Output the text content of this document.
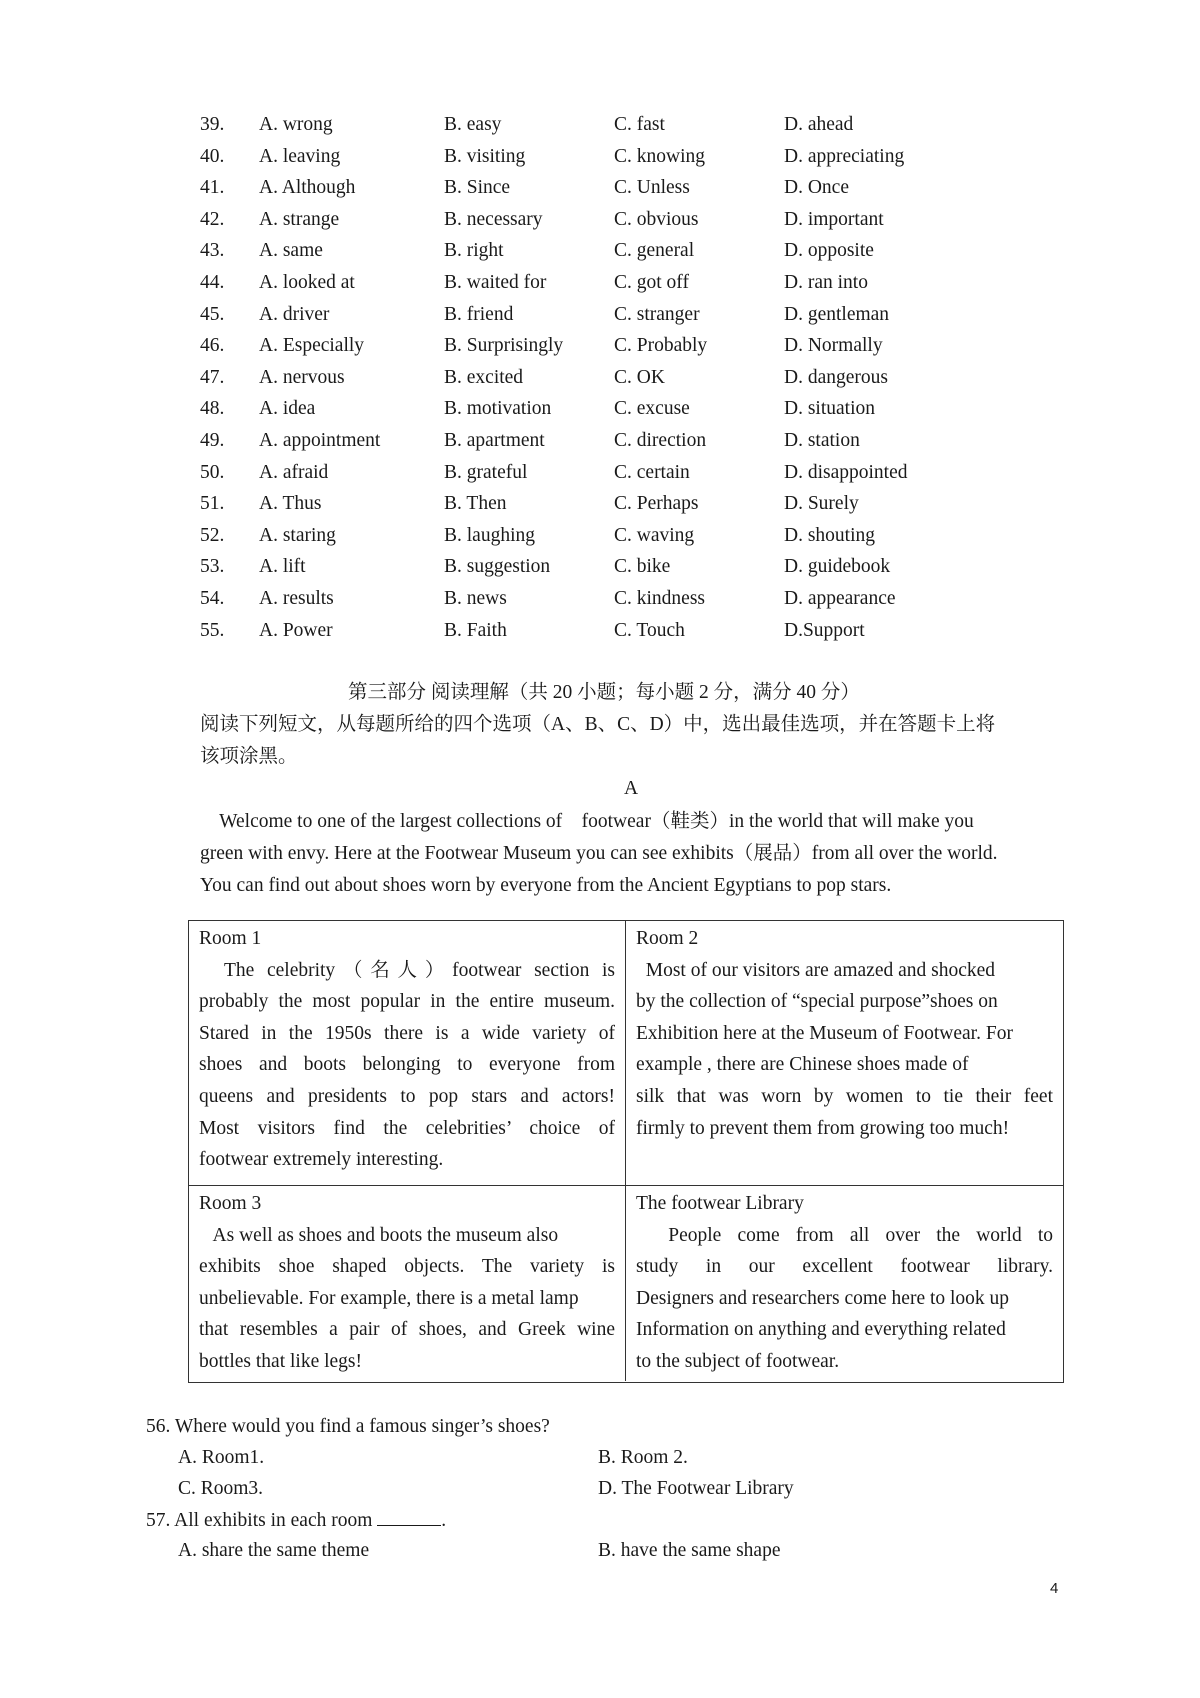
39. A. wrong	B. easy	C. fast	D. ahead
40. A. leaving	B. visiting	C. knowing	D. appreciating
41. A. Although	B. Since	C. Unless	D. Once
42. A. strange	B. necessary	C. obvious	D. important
43. A. same	B. right	C. general	D. opposite
44. A. looked at	B. waited for	C. got off	D. ran into
45. A. driver	B. friend	C. stranger	D. gentleman
46. A. Especially	B. Surprisingly	C. Probably	D. Normally
47. A. nervous	B. excited	C. OK	D. dangerous
48. A. idea	B. motivation	C. excuse	D. situation
49. A. appointment	B. apartment	C. direction	D. station
50. A. afraid	B. grateful	C. certain	D. disappointed
51. A. Thus	B. Then	C. Perhaps	D. Surely
52. A. staring	B. laughing	C. waving	D. shouting
53. A. lift	B. suggestion	C. bike	D. guidebook
54. A. results	B. news	C. kindness	D. appearance
55. A. Power	B. Faith	C. Touch	D.Support
第三部分 阅读理解（共 20 小题；每小题 2 分，满分 40 分）
阅读下列短文，从每题所给的四个选项（A、B、C、D）中，选出最佳选项，并在答题卡上将
该项涂黑。
A
Welcome to one of the largest collections of    footwear（鞋类）in the world that will make you
green with envy. Here at the Footwear Museum you can see exhibits（展品）from all over the world.
You can find out about shoes worn by everyone from the Ancient Egyptians to pop stars.
Room 1
The celebrity（名人）footwear section is
probably the most popular in the entire museum.
Stared in the 1950s there is a wide variety of
shoes and boots belonging to everyone from
queens and presidents to pop stars and actors!
Most visitors find the celebrities’ choice of
footwear extremely interesting.
Room 2
Most of our visitors are amazed and shocked
by the collection of “special purpose”shoes on
Exhibition here at the Museum of Footwear. For
example , there are Chinese shoes made of
silk that was worn by women to tie their feet
firmly to prevent them from growing too much!
Room 3
As well as shoes and boots the museum also
exhibits shoe shaped objects. The variety is
unbelievable. For example, there is a metal lamp
that resembles a pair of shoes, and Greek wine
bottles that like legs!
The footwear Library
People come from all over the world to
study in our excellent footwear library.
Designers and researchers come here to look up
Information on anything and everything related
to the subject of footwear.
56. Where would you find a famous singer’s shoes?
A. Room1.	B. Room 2.
C. Room3.	D. The Footwear Library
57. All exhibits in each room	.
A. share the same theme	B. have the same shape
4
